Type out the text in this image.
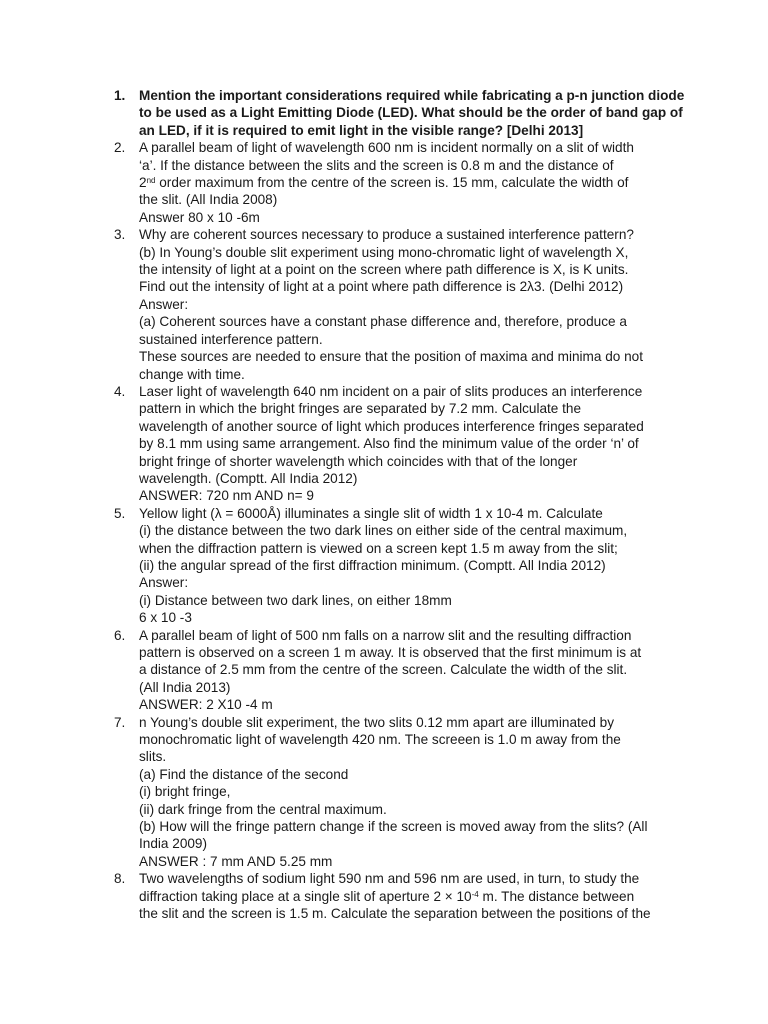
1.	Mention the important considerations required while fabricating a p-n junction diode
to be used as a Light Emitting Diode (LED). What should be the order of band gap of
an LED, if it is required to emit light in the visible range? [Delhi 2013]
2.	A parallel beam of light of wavelength 600 nm is incident normally on a slit of width
‘a’. If the distance between the slits and the screen is 0.8 m and the distance of
2nd order maximum from the centre of the screen is. 15 mm, calculate the width of
the slit. (All India 2008)
Answer 80 x 10 -6m
3.	Why are coherent sources necessary to produce a sustained interference pattern?
(b) In Young’s double slit experiment using mono-chromatic light of wavelength X,
the intensity of light at a point on the screen where path difference is X, is K units.
Find out the intensity of light at a point where path difference is 2λ3. (Delhi 2012)
Answer:
(a) Coherent sources have a constant phase difference and, therefore, produce a
sustained interference pattern.
These sources are needed to ensure that the position of maxima and minima do not
change with time.
4.	Laser light of wavelength 640 nm incident on a pair of slits produces an interference
pattern in which the bright fringes are separated by 7.2 mm. Calculate the
wavelength of another source of light which produces interference fringes separated
by 8.1 mm using same arrangement. Also find the minimum value of the order ‘n’ of
bright fringe of shorter wavelength which coincides with that of the longer
wavelength. (Comptt. All India 2012)
ANSWER: 720 nm AND n= 9
5.	Yellow light (λ = 6000Å) illuminates a single slit of width 1 x 10-4 m. Calculate
(i) the distance between the two dark lines on either side of the central maximum,
when the diffraction pattern is viewed on a screen kept 1.5 m away from the slit;
(ii) the angular spread of the first diffraction minimum. (Comptt. All India 2012)
Answer:
(i) Distance between two dark lines, on either 18mm
6 x 10 -3
6.	A parallel beam of light of 500 nm falls on a narrow slit and the resulting diffraction
pattern is observed on a screen 1 m away. It is observed that the first minimum is at
a distance of 2.5 mm from the centre of the screen. Calculate the width of the slit.
(All India 2013)
ANSWER: 2 X10 -4 m
7.	n Young’s double slit experiment, the two slits 0.12 mm apart are illuminated by
monochromatic light of wavelength 420 nm. The screeen is 1.0 m away from the
slits.
(a) Find the distance of the second
(i) bright fringe,
(ii) dark fringe from the central maximum.
(b) How will the fringe pattern change if the screen is moved away from the slits? (All
India 2009)
ANSWER : 7 mm AND 5.25 mm
8.	Two wavelengths of sodium light 590 nm and 596 nm are used, in turn, to study the
diffraction taking place at a single slit of aperture $2 \times 10^{-4}$ m. The distance between
the slit and the screen is 1.5 m. Calculate the separation between the positions of the
